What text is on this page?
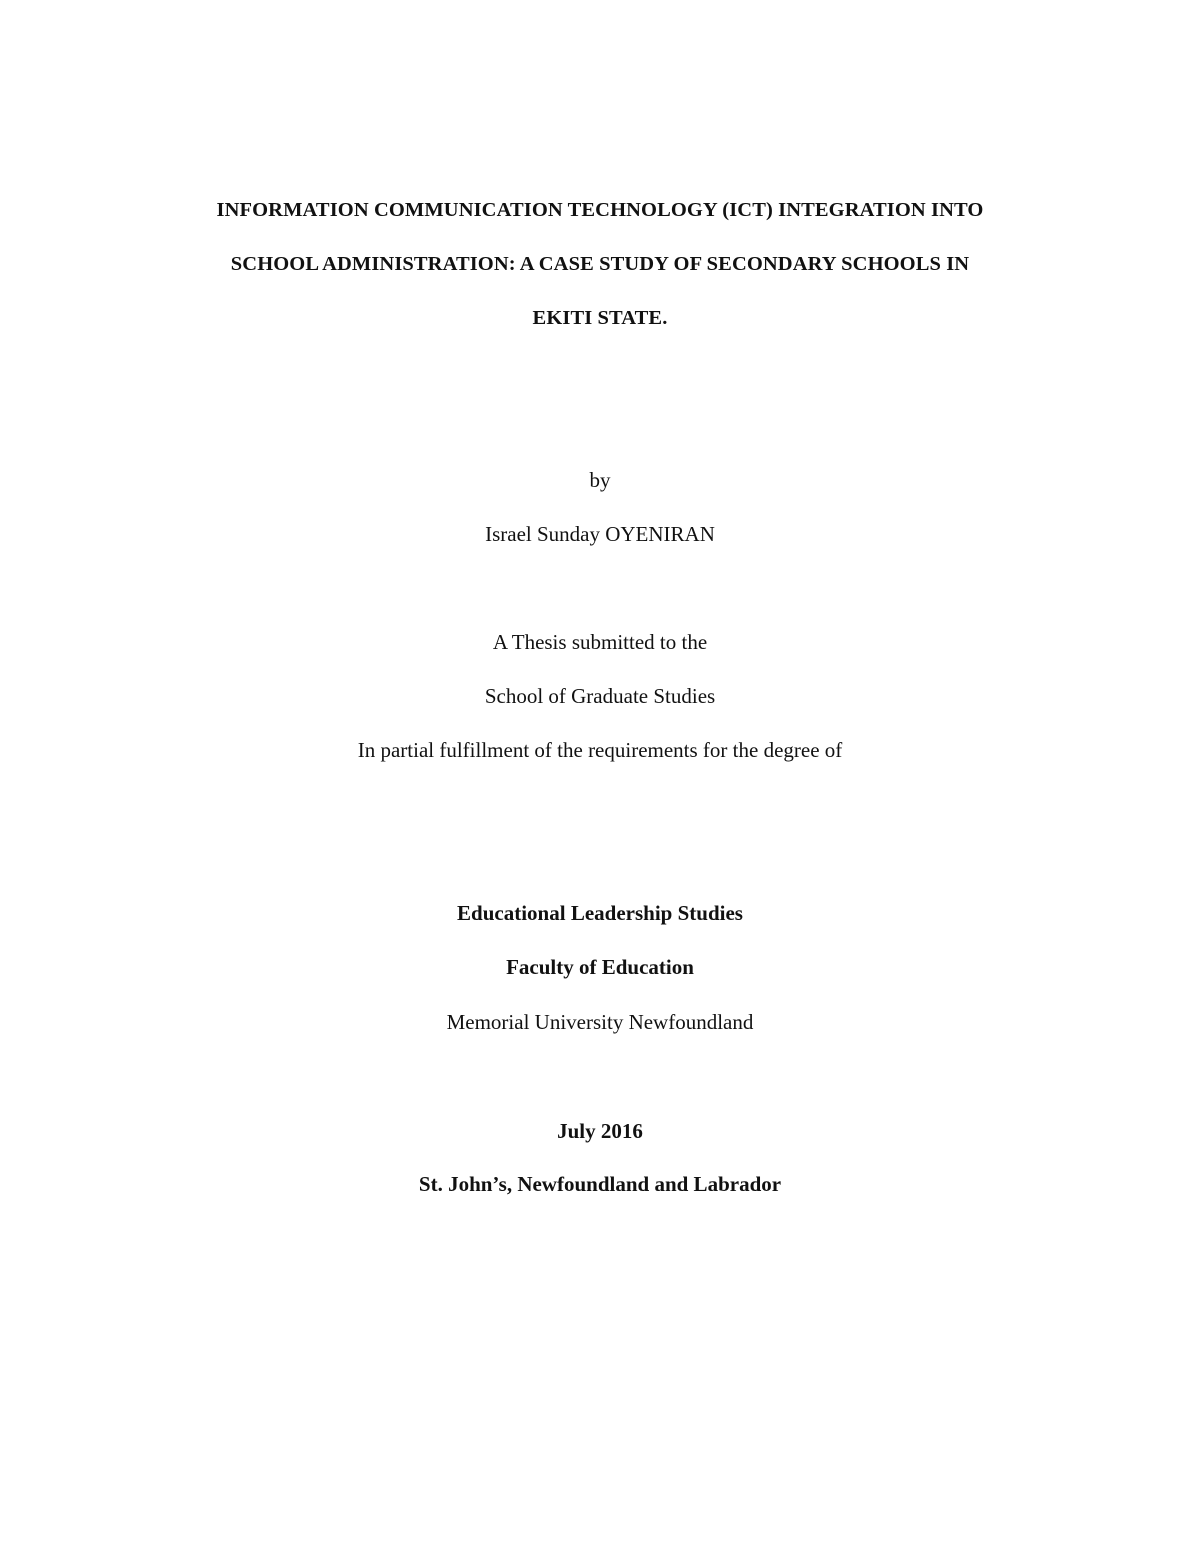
INFORMATION COMMUNICATION TECHNOLOGY (ICT) INTEGRATION INTO
SCHOOL ADMINISTRATION: A CASE STUDY OF SECONDARY SCHOOLS IN
EKITI STATE.
by
Israel Sunday OYENIRAN
A Thesis submitted to the
School of Graduate Studies
In partial fulfillment of the requirements for the degree of
Educational Leadership Studies
Faculty of Education
Memorial University Newfoundland
July 2016
St. John’s, Newfoundland and Labrador
